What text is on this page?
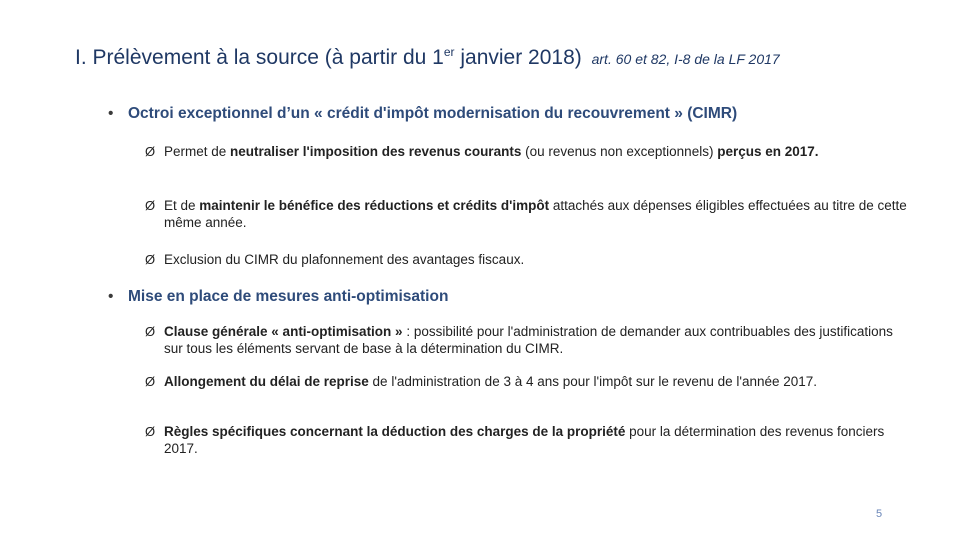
I. Prélèvement à la source (à partir du 1er janvier 2018) art. 60 et 82, I-8 de la LF 2017
• Octroi exceptionnel d’un « crédit d'impôt modernisation du recouvrement » (CIMR)
Ø Permet de neutraliser l'imposition des revenus courants (ou revenus non exceptionnels) perçus en 2017.
Ø Et de maintenir le bénéfice des réductions et crédits d'impôt attachés aux dépenses éligibles effectuées au titre de cette même année.
Ø Exclusion du CIMR du plafonnement des avantages fiscaux.
• Mise en place de mesures anti-optimisation
Ø Clause générale « anti-optimisation » : possibilité pour l'administration de demander aux contribuables des justifications sur tous les éléments servant de base à la détermination du CIMR.
Ø Allongement du délai de reprise de l'administration de 3 à 4 ans pour l'impôt sur le revenu de l'année 2017.
Ø Règles spécifiques concernant la déduction des charges de la propriété pour la détermination des revenus fonciers 2017.
5
